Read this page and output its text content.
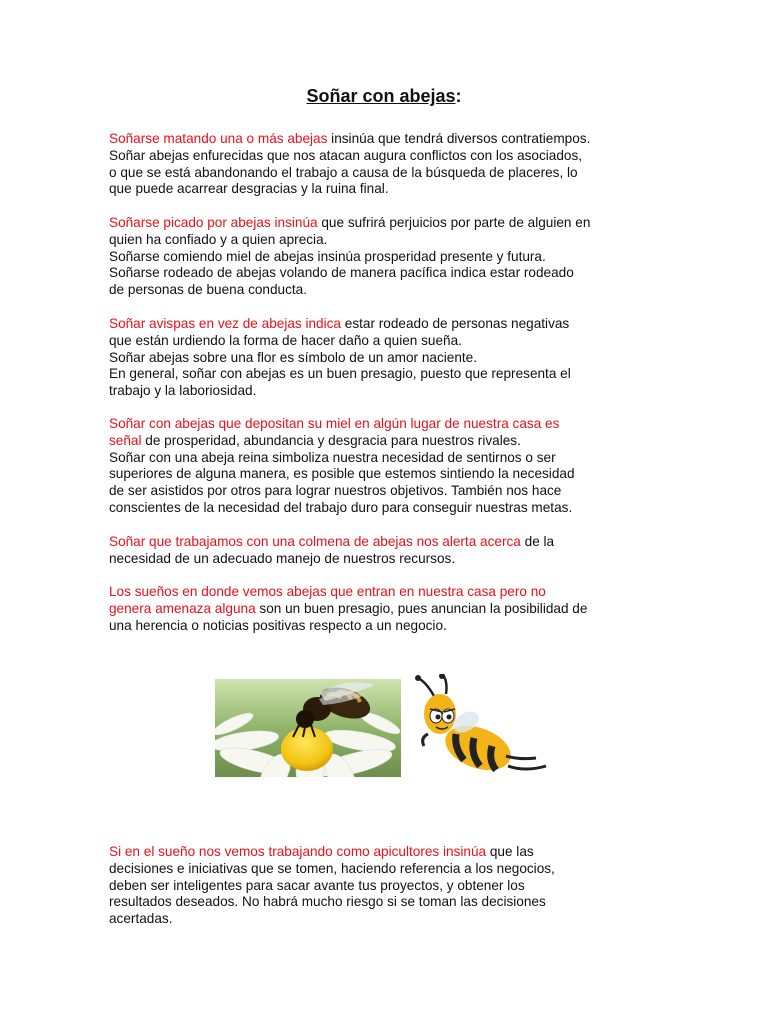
Soñar con abejas:
Soñarse matando una o más abejas insinúa que tendrá diversos contratiempos.
Soñar abejas enfurecidas que nos atacan augura conflictos con los asociados,
o que se está abandonando el trabajo a causa de la búsqueda de placeres, lo
que puede acarrear desgracias y la ruina final.
Soñarse picado por abejas insinúa que sufrirá perjuicios por parte de alguien en
quien ha confiado y a quien aprecia.
Soñarse comiendo miel de abejas insinúa prosperidad presente y futura.
Soñarse rodeado de abejas volando de manera pacífica indica estar rodeado
de personas de buena conducta.
Soñar avispas en vez de abejas indica estar rodeado de personas negativas
que están urdiendo la forma de hacer daño a quien sueña.
Soñar abejas sobre una flor es símbolo de un amor naciente.
En general, soñar con abejas es un buen presagio, puesto que representa el
trabajo y la laboriosidad.
Soñar con abejas que depositan su miel en algún lugar de nuestra casa es
señal de prosperidad, abundancia y desgracia para nuestros rivales.
Soñar con una abeja reina simboliza nuestra necesidad de sentirnos o ser
superiores de alguna manera, es posible que estemos sintiendo la necesidad
de ser asistidos por otros para lograr nuestros objetivos. También nos hace
conscientes de la necesidad del trabajo duro para conseguir nuestras metas.
Soñar que trabajamos con una colmena de abejas nos alerta acerca de la
necesidad de un adecuado manejo de nuestros recursos.
Los sueños en donde vemos abejas que entran en nuestra casa pero no
genera amenaza alguna son un buen presagio, pues anuncian la posibilidad de
una herencia o noticias positivas respecto a un negocio.
Si en el sueño nos vemos trabajando como apicultores insinúa que las
decisiones e iniciativas que se tomen, haciendo referencia a los negocios,
deben ser inteligentes para sacar avante tus proyectos, y obtener los
resultados deseados. No habrá mucho riesgo si se toman las decisiones
acertadas.
